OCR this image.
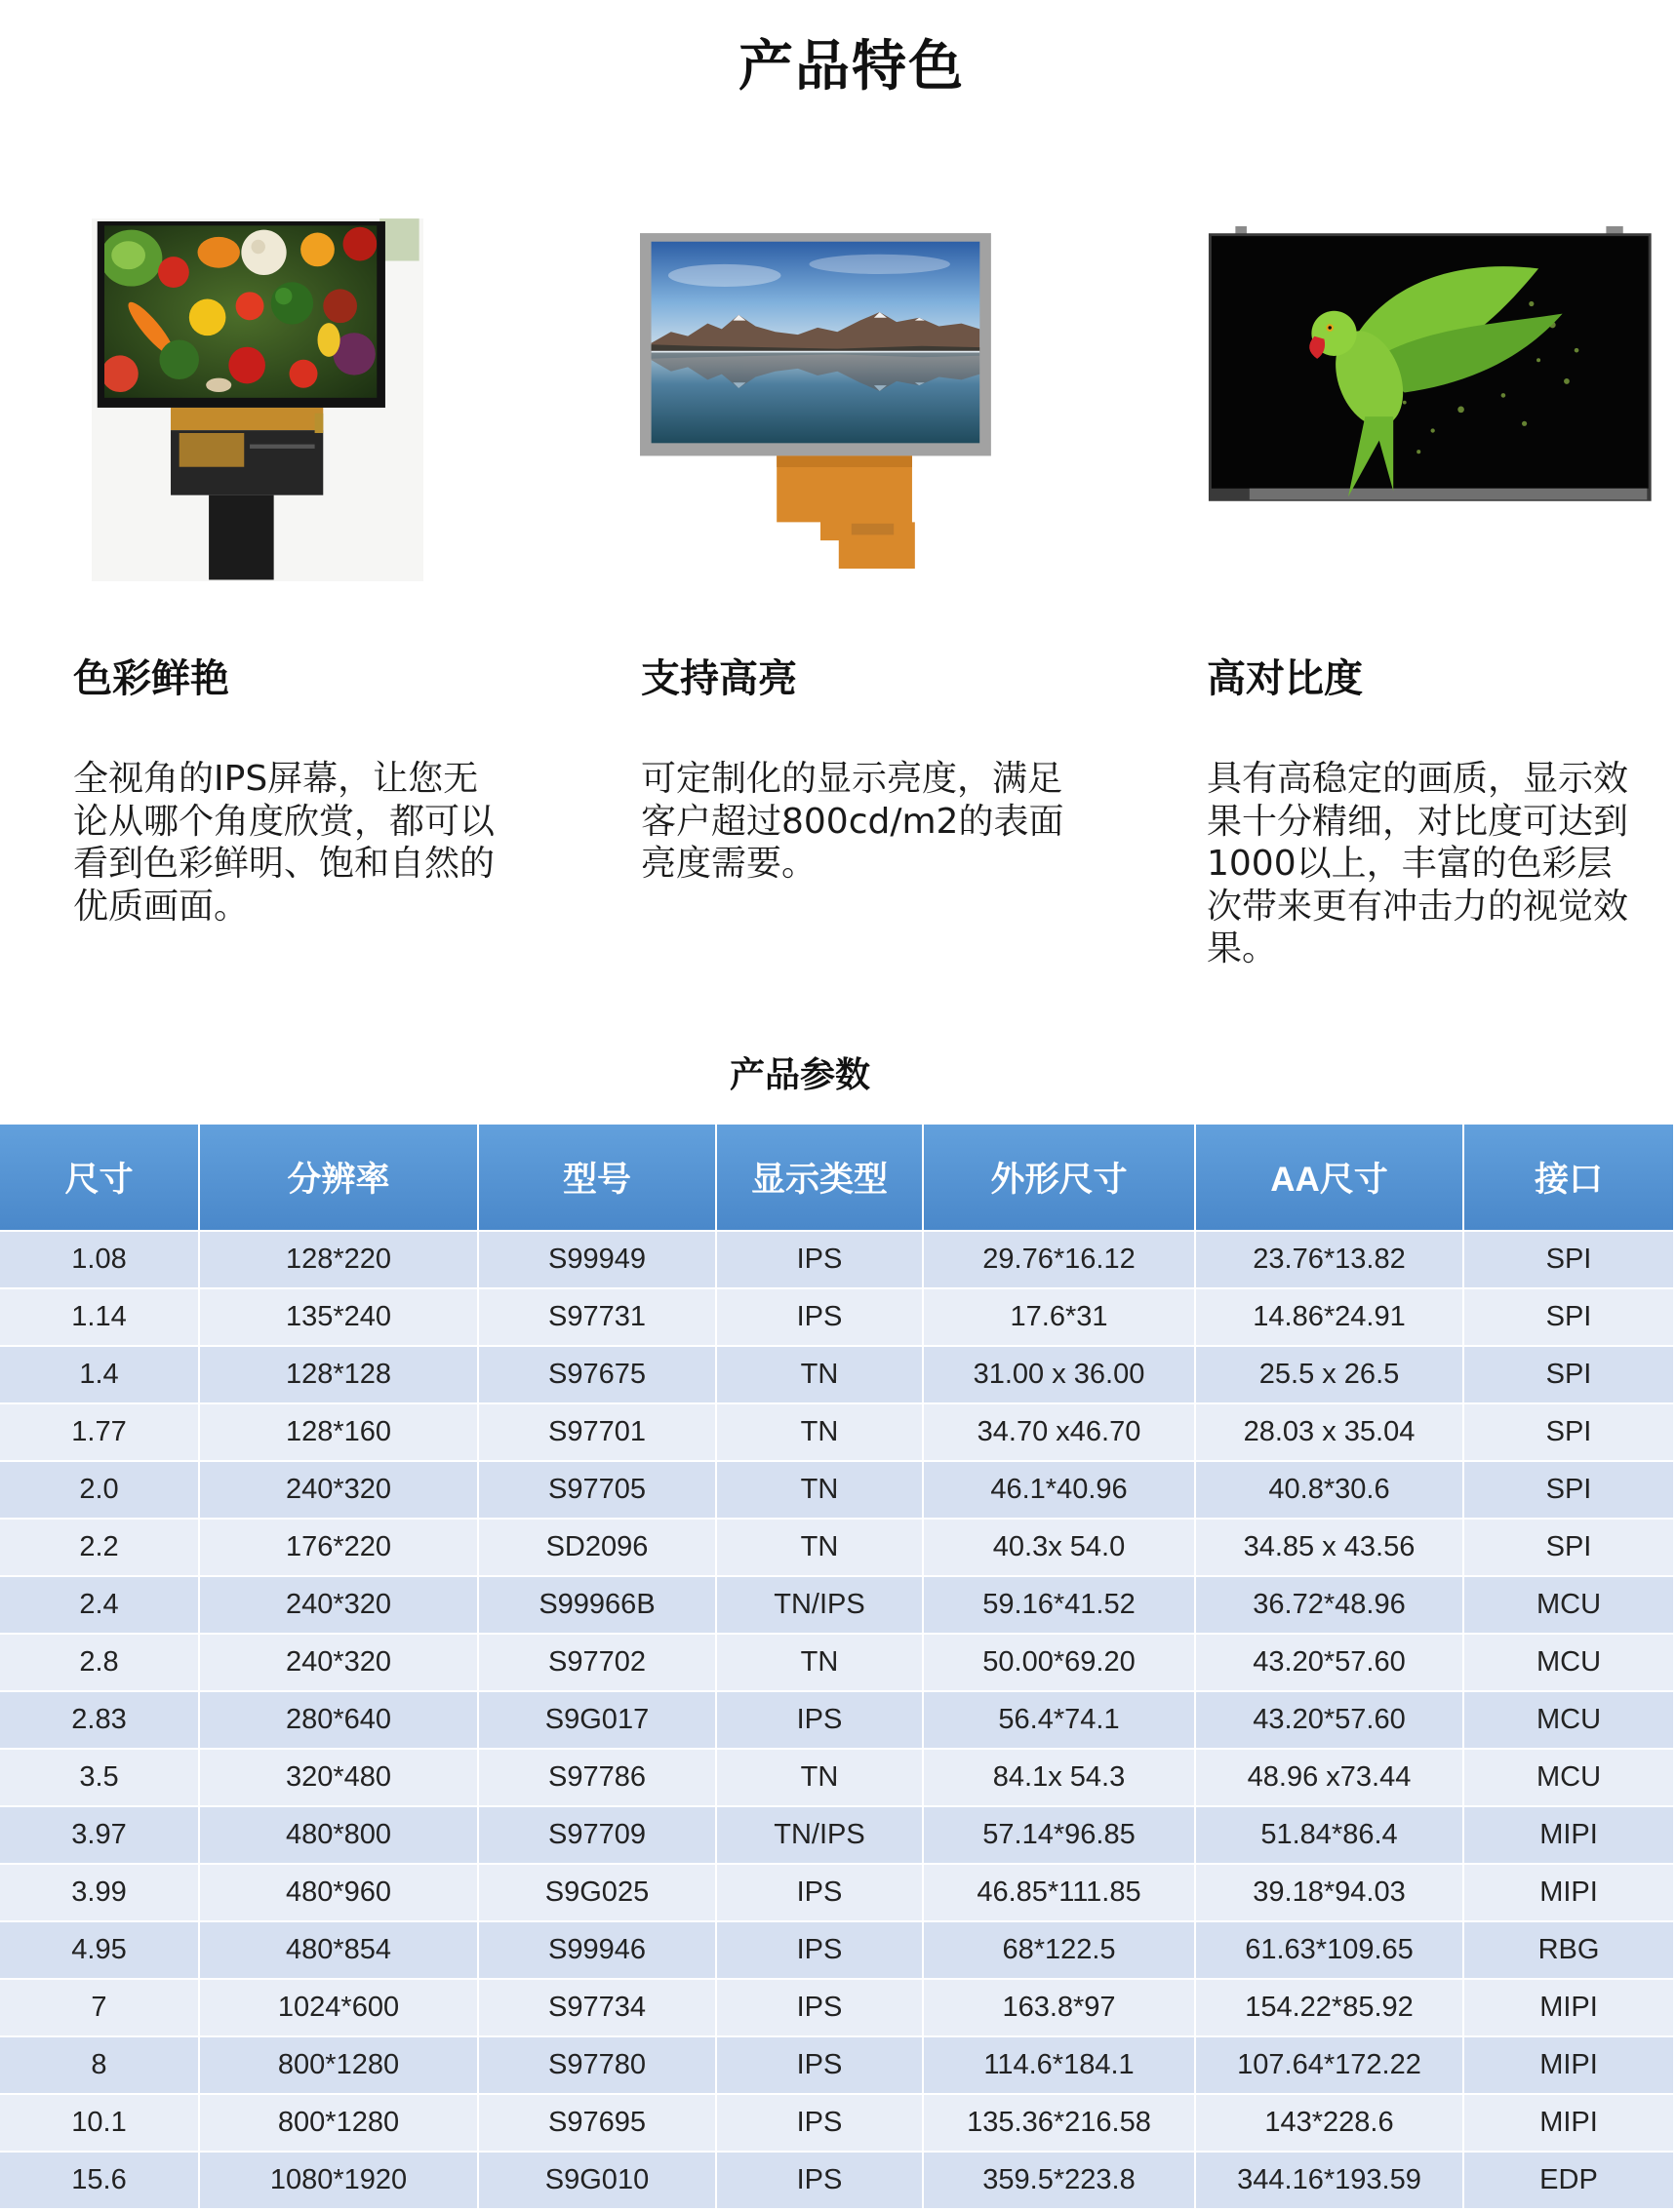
产品特色
色彩鲜艳
全视角的IPS屏幕，让您无
论从哪个角度欣赏，都可以
看到色彩鲜明、饱和自然的
优质画面。
支持高亮
可定制化的显示亮度，满足
客户超过800cd/m2的表面
亮度需要。
高对比度
具有高稳定的画质，显示效
果十分精细，对比度可达到
1000以上，丰富的色彩层
次带来更有冲击力的视觉效
果。
产品参数
尺寸	分辨率	型号	显示类型	外形尺寸	AA尺寸	接口
1.08	128*220	S99949	IPS	29.76*16.12	23.76*13.82	SPI
1.14	135*240	S97731	IPS	17.6*31	14.86*24.91	SPI
1.4	128*128	S97675	TN	31.00 x 36.00	25.5 x 26.5	SPI
1.77	128*160	S97701	TN	34.70 x46.70	28.03 x 35.04	SPI
2.0	240*320	S97705	TN	46.1*40.96	40.8*30.6	SPI
2.2	176*220	SD2096	TN	40.3x 54.0	34.85 x 43.56	SPI
2.4	240*320	S99966B	TN/IPS	59.16*41.52	36.72*48.96	MCU
2.8	240*320	S97702	TN	50.00*69.20	43.20*57.60	MCU
2.83	280*640	S9G017	IPS	56.4*74.1	43.20*57.60	MCU
3.5	320*480	S97786	TN	84.1x 54.3	48.96 x73.44	MCU
3.97	480*800	S97709	TN/IPS	57.14*96.85	51.84*86.4	MIPI
3.99	480*960	S9G025	IPS	46.85*111.85	39.18*94.03	MIPI
4.95	480*854	S99946	IPS	68*122.5	61.63*109.65	RBG
7	1024*600	S97734	IPS	163.8*97	154.22*85.92	MIPI
8	800*1280	S97780	IPS	114.6*184.1	107.64*172.22	MIPI
10.1	800*1280	S97695	IPS	135.36*216.58	143*228.6	MIPI
15.6	1080*1920	S9G010	IPS	359.5*223.8	344.16*193.59	EDP
